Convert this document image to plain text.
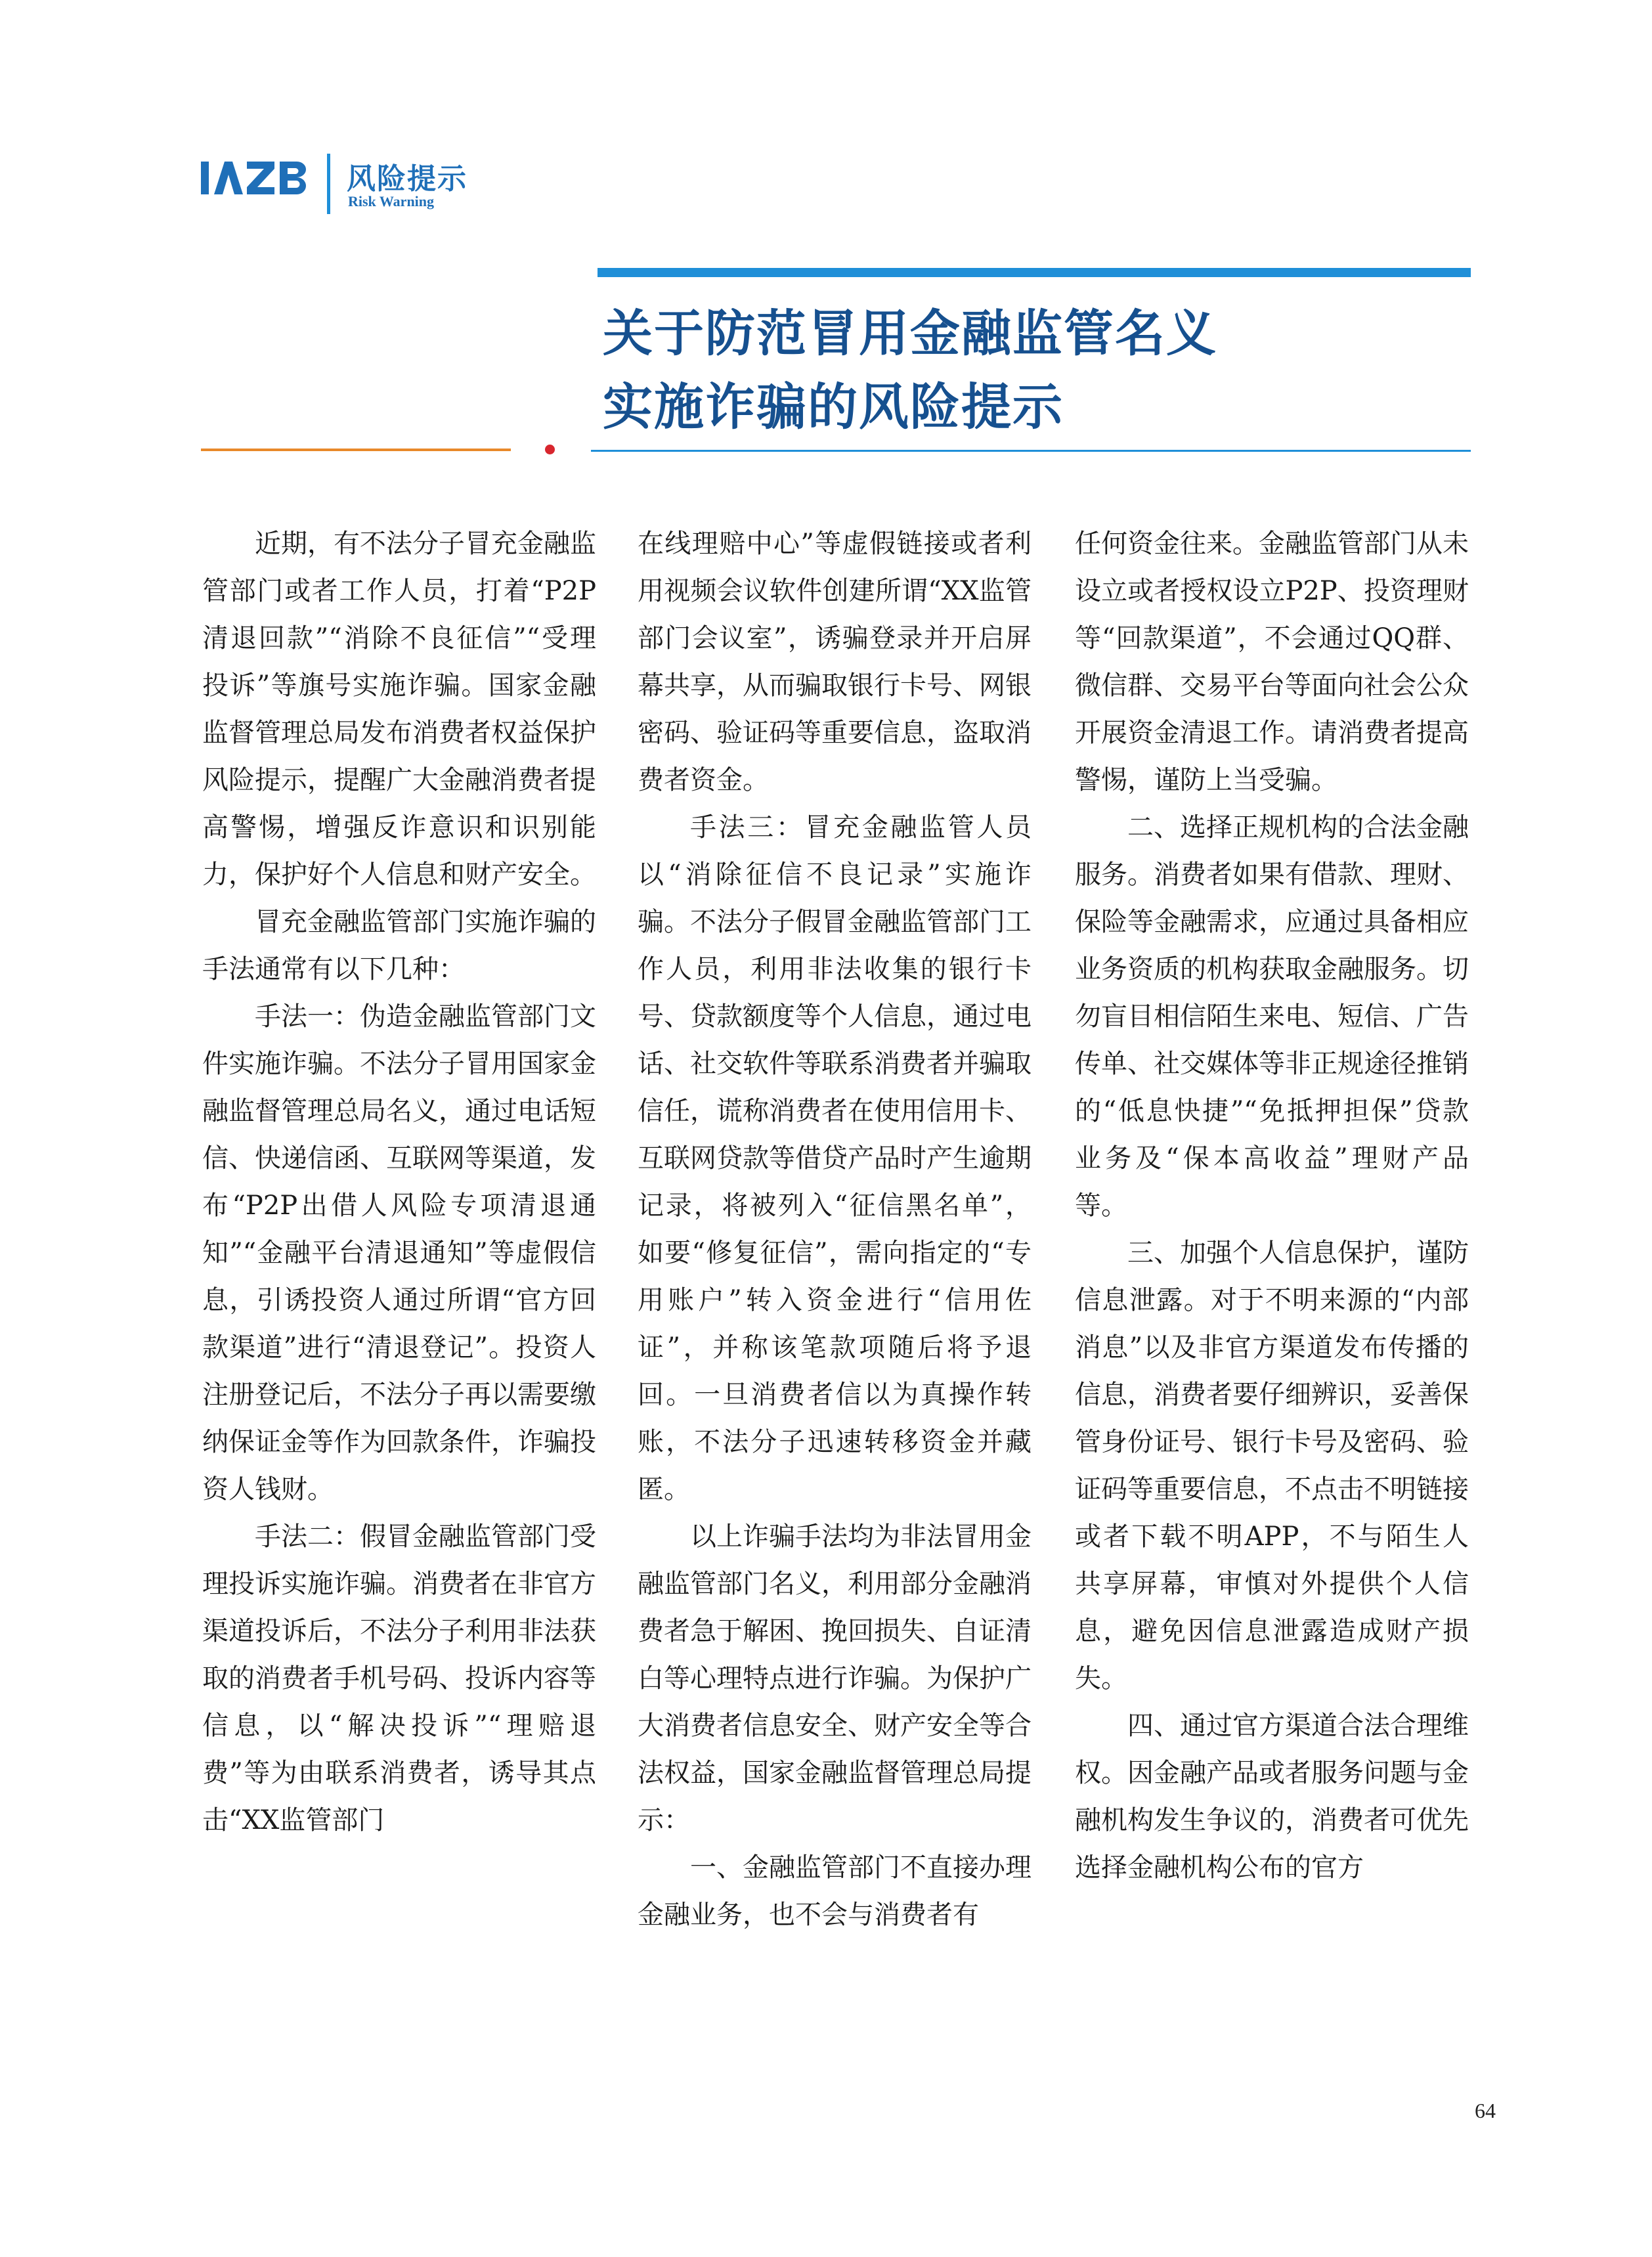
风险提示
Risk Warning
关于防范冒用金融监管名义
实施诈骗的风险提示

近期，有不法分子冒充金融监管部门或者工作人员，打着“P2P清退回款”“消除不良征信”“受理投诉”等旗号实施诈骗。国家金融监督管理总局发布消费者权益保护风险提示，提醒广大金融消费者提高警惕，增强反诈意识和识别能力，保护好个人信息和财产安全。

冒充金融监管部门实施诈骗的手法通常有以下几种：

手法一：伪造金融监管部门文件实施诈骗。不法分子冒用国家金融监督管理总局名义，通过电话短信、快递信函、互联网等渠道，发布“P2P出借人风险专项清退通知”“金融平台清退通知”等虚假信息，引诱投资人通过所谓“官方回款渠道”进行“清退登记”。投资人注册登记后，不法分子再以需要缴纳保证金等作为回款条件，诈骗投资人钱财。

手法二：假冒金融监管部门受理投诉实施诈骗。消费者在非官方渠道投诉后，不法分子利用非法获取的消费者手机号码、投诉内容等信息，以“解决投诉”“理赔退费”等为由联系消费者，诱导其点击“XX监管部门

在线理赔中心”等虚假链接或者利用视频会议软件创建所谓“XX监管部门会议室”，诱骗登录并开启屏幕共享，从而骗取银行卡号、网银密码、验证码等重要信息，盗取消费者资金。

手法三：冒充金融监管人员以“消除征信不良记录”实施诈骗。不法分子假冒金融监管部门工作人员，利用非法收集的银行卡号、贷款额度等个人信息，通过电话、社交软件等联系消费者并骗取信任，谎称消费者在使用信用卡、互联网贷款等借贷产品时产生逾期记录，将被列入“征信黑名单”，如要“修复征信”，需向指定的“专用账户”转入资金进行“信用佐证”，并称该笔款项随后将予退回。一旦消费者信以为真操作转账，不法分子迅速转移资金并藏匿。

以上诈骗手法均为非法冒用金融监管部门名义，利用部分金融消费者急于解困、挽回损失、自证清白等心理特点进行诈骗。为保护广大消费者信息安全、财产安全等合法权益，国家金融监督管理总局提示：

一、金融监管部门不直接办理金融业务，也不会与消费者有

任何资金往来。金融监管部门从未设立或者授权设立P2P、投资理财等“回款渠道”，不会通过QQ群、微信群、交易平台等面向社会公众开展资金清退工作。请消费者提高警惕，谨防上当受骗。

二、选择正规机构的合法金融服务。消费者如果有借款、理财、保险等金融需求，应通过具备相应业务资质的机构获取金融服务。切勿盲目相信陌生来电、短信、广告传单、社交媒体等非正规途径推销的“低息快捷”“免抵押担保”贷款业务及“保本高收益”理财产品等。

三、加强个人信息保护，谨防信息泄露。对于不明来源的“内部消息”以及非官方渠道发布传播的信息，消费者要仔细辨识，妥善保管身份证号、银行卡号及密码、验证码等重要信息，不点击不明链接或者下载不明APP，不与陌生人共享屏幕，审慎对外提供个人信息，避免因信息泄露造成财产损失。

四、通过官方渠道合法合理维权。因金融产品或者服务问题与金融机构发生争议的，消费者可优先选择金融机构公布的官方

64
